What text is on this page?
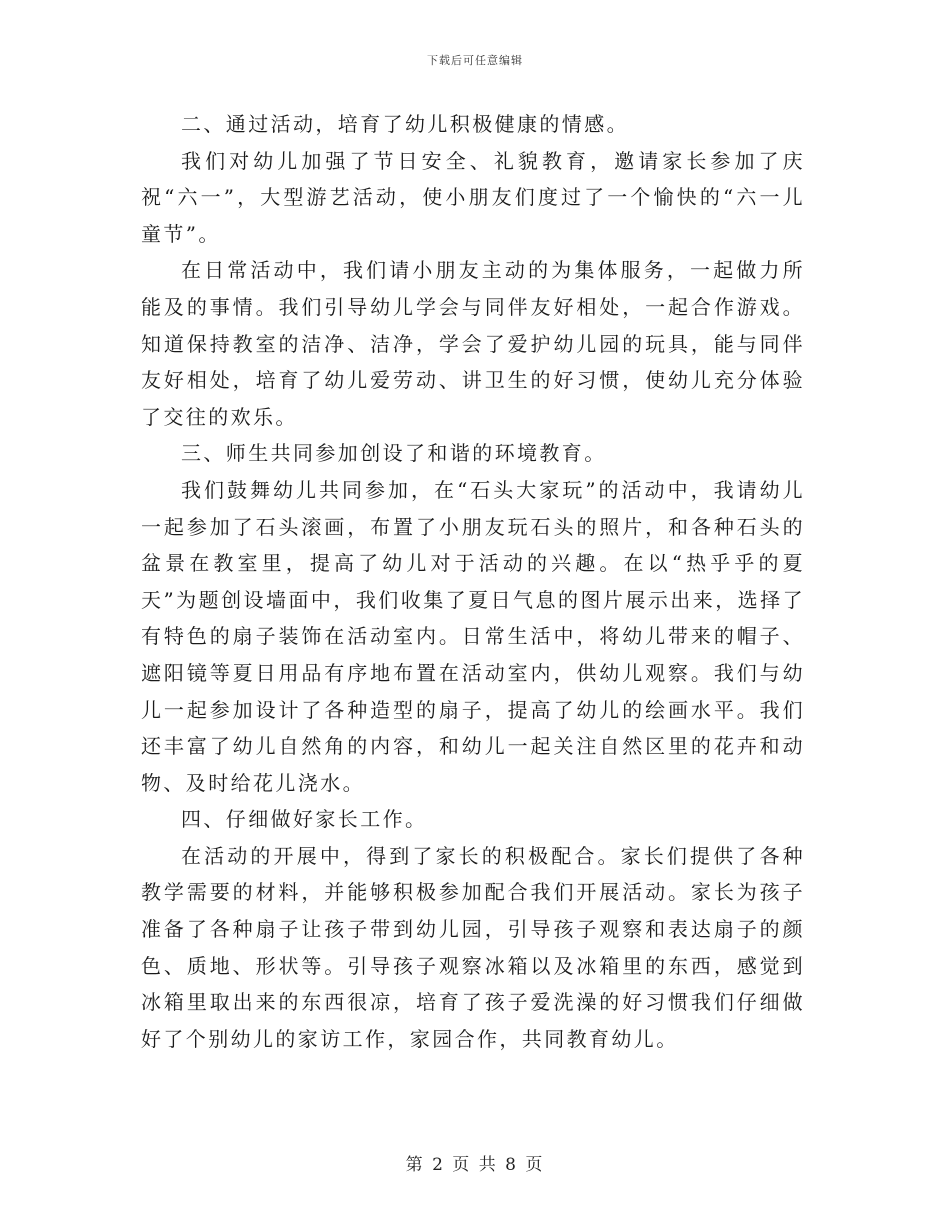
下载后可任意编辑

二、通过活动，培育了幼儿积极健康的情感。

我们对幼儿加强了节日安全、礼貌教育，邀请家长参加了庆祝“六一”，大型游艺活动，使小朋友们度过了一个愉快的“六一儿童节”。

在日常活动中，我们请小朋友主动的为集体服务，一起做力所能及的事情。我们引导幼儿学会与同伴友好相处，一起合作游戏。知道保持教室的洁净、洁净，学会了爱护幼儿园的玩具，能与同伴友好相处，培育了幼儿爱劳动、讲卫生的好习惯，使幼儿充分体验了交往的欢乐。

三、师生共同参加创设了和谐的环境教育。

我们鼓舞幼儿共同参加，在“石头大家玩”的活动中，我请幼儿一起参加了石头滚画，布置了小朋友玩石头的照片，和各种石头的盆景在教室里，提高了幼儿对于活动的兴趣。在以“热乎乎的夏天”为题创设墙面中，我们收集了夏日气息的图片展示出来，选择了有特色的扇子装饰在活动室内。日常生活中，将幼儿带来的帽子、遮阳镜等夏日用品有序地布置在活动室内，供幼儿观察。我们与幼儿一起参加设计了各种造型的扇子，提高了幼儿的绘画水平。我们还丰富了幼儿自然角的内容，和幼儿一起关注自然区里的花卉和动物、及时给花儿浇水。

四、仔细做好家长工作。

在活动的开展中，得到了家长的积极配合。家长们提供了各种教学需要的材料，并能够积极参加配合我们开展活动。家长为孩子准备了各种扇子让孩子带到幼儿园，引导孩子观察和表达扇子的颜色、质地、形状等。引导孩子观察冰箱以及冰箱里的东西，感觉到冰箱里取出来的东西很凉，培育了孩子爱洗澡的好习惯我们仔细做好了个别幼儿的家访工作，家园合作，共同教育幼儿。

第 2 页 共 8 页
